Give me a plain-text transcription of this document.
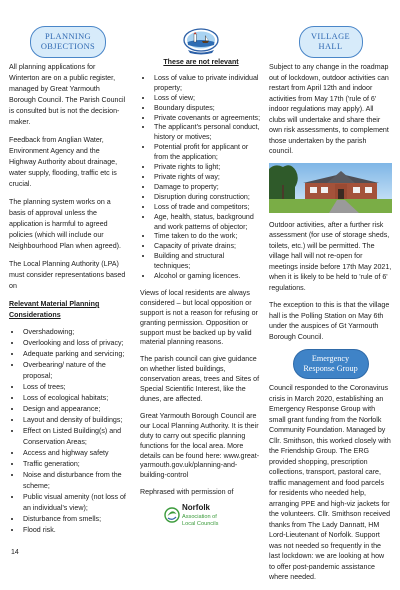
PLANNING
OBJECTIONS

All planning applications for Winterton are on a public register, managed by Great Yarmouth Borough Council. The Parish Council is consulted but is not the decision-maker.

Feedback from Anglian Water, Environment Agency and the Highway Authority about drainage, water supply, flooding, traffic etc is crucial.

The planning system works on a basis of approval unless the application is harmful to agreed policies (which will include our Neighbourhood Plan when agreed).

The Local Planning Authority (LPA) must consider representations based on

Relevant Material Planning Considerations
• Overshadowing;
• Overlooking and loss of privacy;
• Adequate parking and servicing;
• Overbearing/ nature of the proposal;
• Loss of trees;
• Loss of ecological habitats;
• Design and appearance;
• Layout and density of buildings;
• Effect on Listed Building(s) and Conservation Areas;
• Access and highway safety
• Traffic generation;
• Noise and disturbance from the scheme;
• Public visual amenity (not loss of an individual's view);
• Disturbance from smells;
• Flood risk.
These are not relevant
• Loss of value to private individual property;
• Loss of view;
• Boundary disputes;
• Private covenants or agreements;
• The applicant's personal conduct, history or motives;
• Potential profit for applicant or from the application;
• Private rights to light;
• Private rights of way;
• Damage to property;
• Disruption during construction;
• Loss of trade and competitors;
• Age, health, status, background and work patterns of objector;
• Time taken to do the work;
• Capacity of private drains;
• Building and structural techniques;
• Alcohol or gaming licences.

Views of local residents are always considered – but local opposition or support is not a reason for refusing or granting permission. Opposition or support must be backed up by valid material planning reasons.

The parish council can give guidance on whether listed buildings, conservation areas, trees and Sites of Special Scientific Interest, like the dunes, are affected.

Great Yarmouth Borough Council are our Local Planning Authority. It is their duty to carry out specific planning functions for the local area. More details can be found here: www.great-yarmouth.gov.uk/planning-and-building-control

Rephrased with permission of

Norfolk
Association of
Local Councils
VILLAGE
HALL

Subject to any change in the roadmap out of lockdown, outdoor activities can restart from April 12th and indoor activities from May 17th ('rule of 6' indoor regulations may apply). All clubs will undertake and share their own risk assessments, to complement those undertaken by the parish council.

Outdoor activities, after a further risk assessment (for use of storage sheds, toilets, etc.) will be permitted. The village hall will not re-open for meetings inside before 17th May 2021, when it is likely to be held to 'rule of 6' regulations.

The exception to this is that the village hall is the Polling Station on May 6th under the auspices of Gt Yarmouth Borough Council.

Emergency
Response Group

Council responded to the Coronavirus crisis in March 2020, establishing an Emergency Response Group with small grant funding from the Norfolk Community Foundation. Managed by Cllr. Smithson, this worked closely with the Friendship Group. The ERG provided shopping, prescription collections, transport, pastoral care, traffic management and food parcels for residents who needed help, arranging PPE and high-viz jackets for the volunteers. Cllr. Smithson received thanks from The Lady Dannatt, HM Lord-Lieutenant of Norfolk. Support was not needed so frequently in the last lockdown: we are looking at how to offer post-pandemic assistance where needed.

14
